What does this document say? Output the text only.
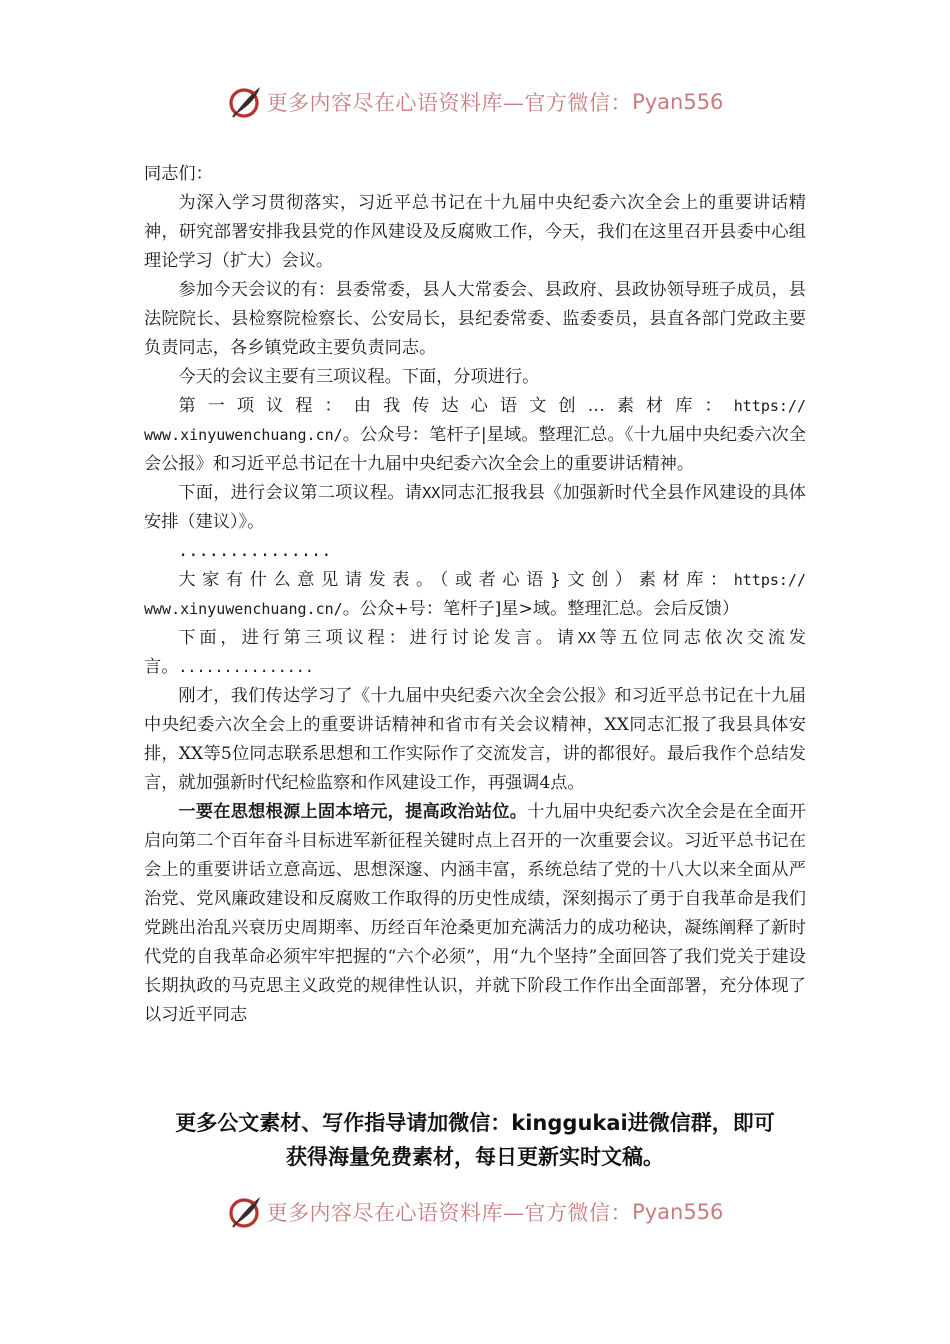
更多内容尽在心语资料库—官方微信： Pyan556

同志们：

为深入学习贯彻落实，习近平总书记在十九届中央纪委六次全会上的重要讲话精神，研究部署安排我县党的作风建设及反腐败工作，今天，我们在这里召开县委中心组理论学习（扩大）会议。

参加今天会议的有：县委常委，县人大常委会、县政府、县政协领导班子成员，县法院院长、县检察院检察长、公安局长，县纪委常委、监委委员，县直各部门党政主要负责同志，各乡镇党政主要负责同志。

今天的会议主要有三项议程。下面，分项进行。

第一项议程：由我传达心语文创…素材库：https://

www.xinyuwenchuang.cn/。公众号：笔杆子|星域。整理汇总。《十九届中央纪委六次全会公报》和习近平总书记在十九届中央纪委六次全会上的重要讲话精神。

下面，进行会议第二项议程。请XX同志汇报我县《加强新时代全县作风建设的具体安排（建议）》。

...............

大家有什么意见请发表。（或者心语}文创）素材库：https://

www.xinyuwenchuang.cn/。公众+号：笔杆子]星>域。整理汇总。会后反馈）

下面，进行第三项议程：进行讨论发言。请XX等五位同志依次交流发言。...............

刚才，我们传达学习了《十九届中央纪委六次全会公报》和习近平总书记在十九届中央纪委六次全会上的重要讲话精神和省市有关会议精神，XX同志汇报了我县具体安排，XX等5位同志联系思想和工作实际作了交流发言，讲的都很好。最后我作个总结发言，就加强新时代纪检监察和作风建设工作，再强调4点。

一要在思想根源上固本培元，提高政治站位。十九届中央纪委六次全会是在全面开启向第二个百年奋斗目标进军新征程关键时点上召开的一次重要会议。习近平总书记在会上的重要讲话立意高远、思想深邃、内涵丰富，系统总结了党的十八大以来全面从严治党、党风廉政建设和反腐败工作取得的历史性成绩，深刻揭示了勇于自我革命是我们党跳出治乱兴衰历史周期率、历经百年沧桑更加充满活力的成功秘诀，凝练阐释了新时代党的自我革命必须牢牢把握的“六个必须”，用“九个坚持”全面回答了我们党关于建设长期执政的马克思主义政党的规律性认识，并就下阶段工作作出全面部署，充分体现了以习近平同志

更多公文素材、写作指导请加微信：kinggukai进微信群，即可
获得海量免费素材，每日更新实时文稿。
更多内容尽在心语资料库—官方微信： Pyan556
